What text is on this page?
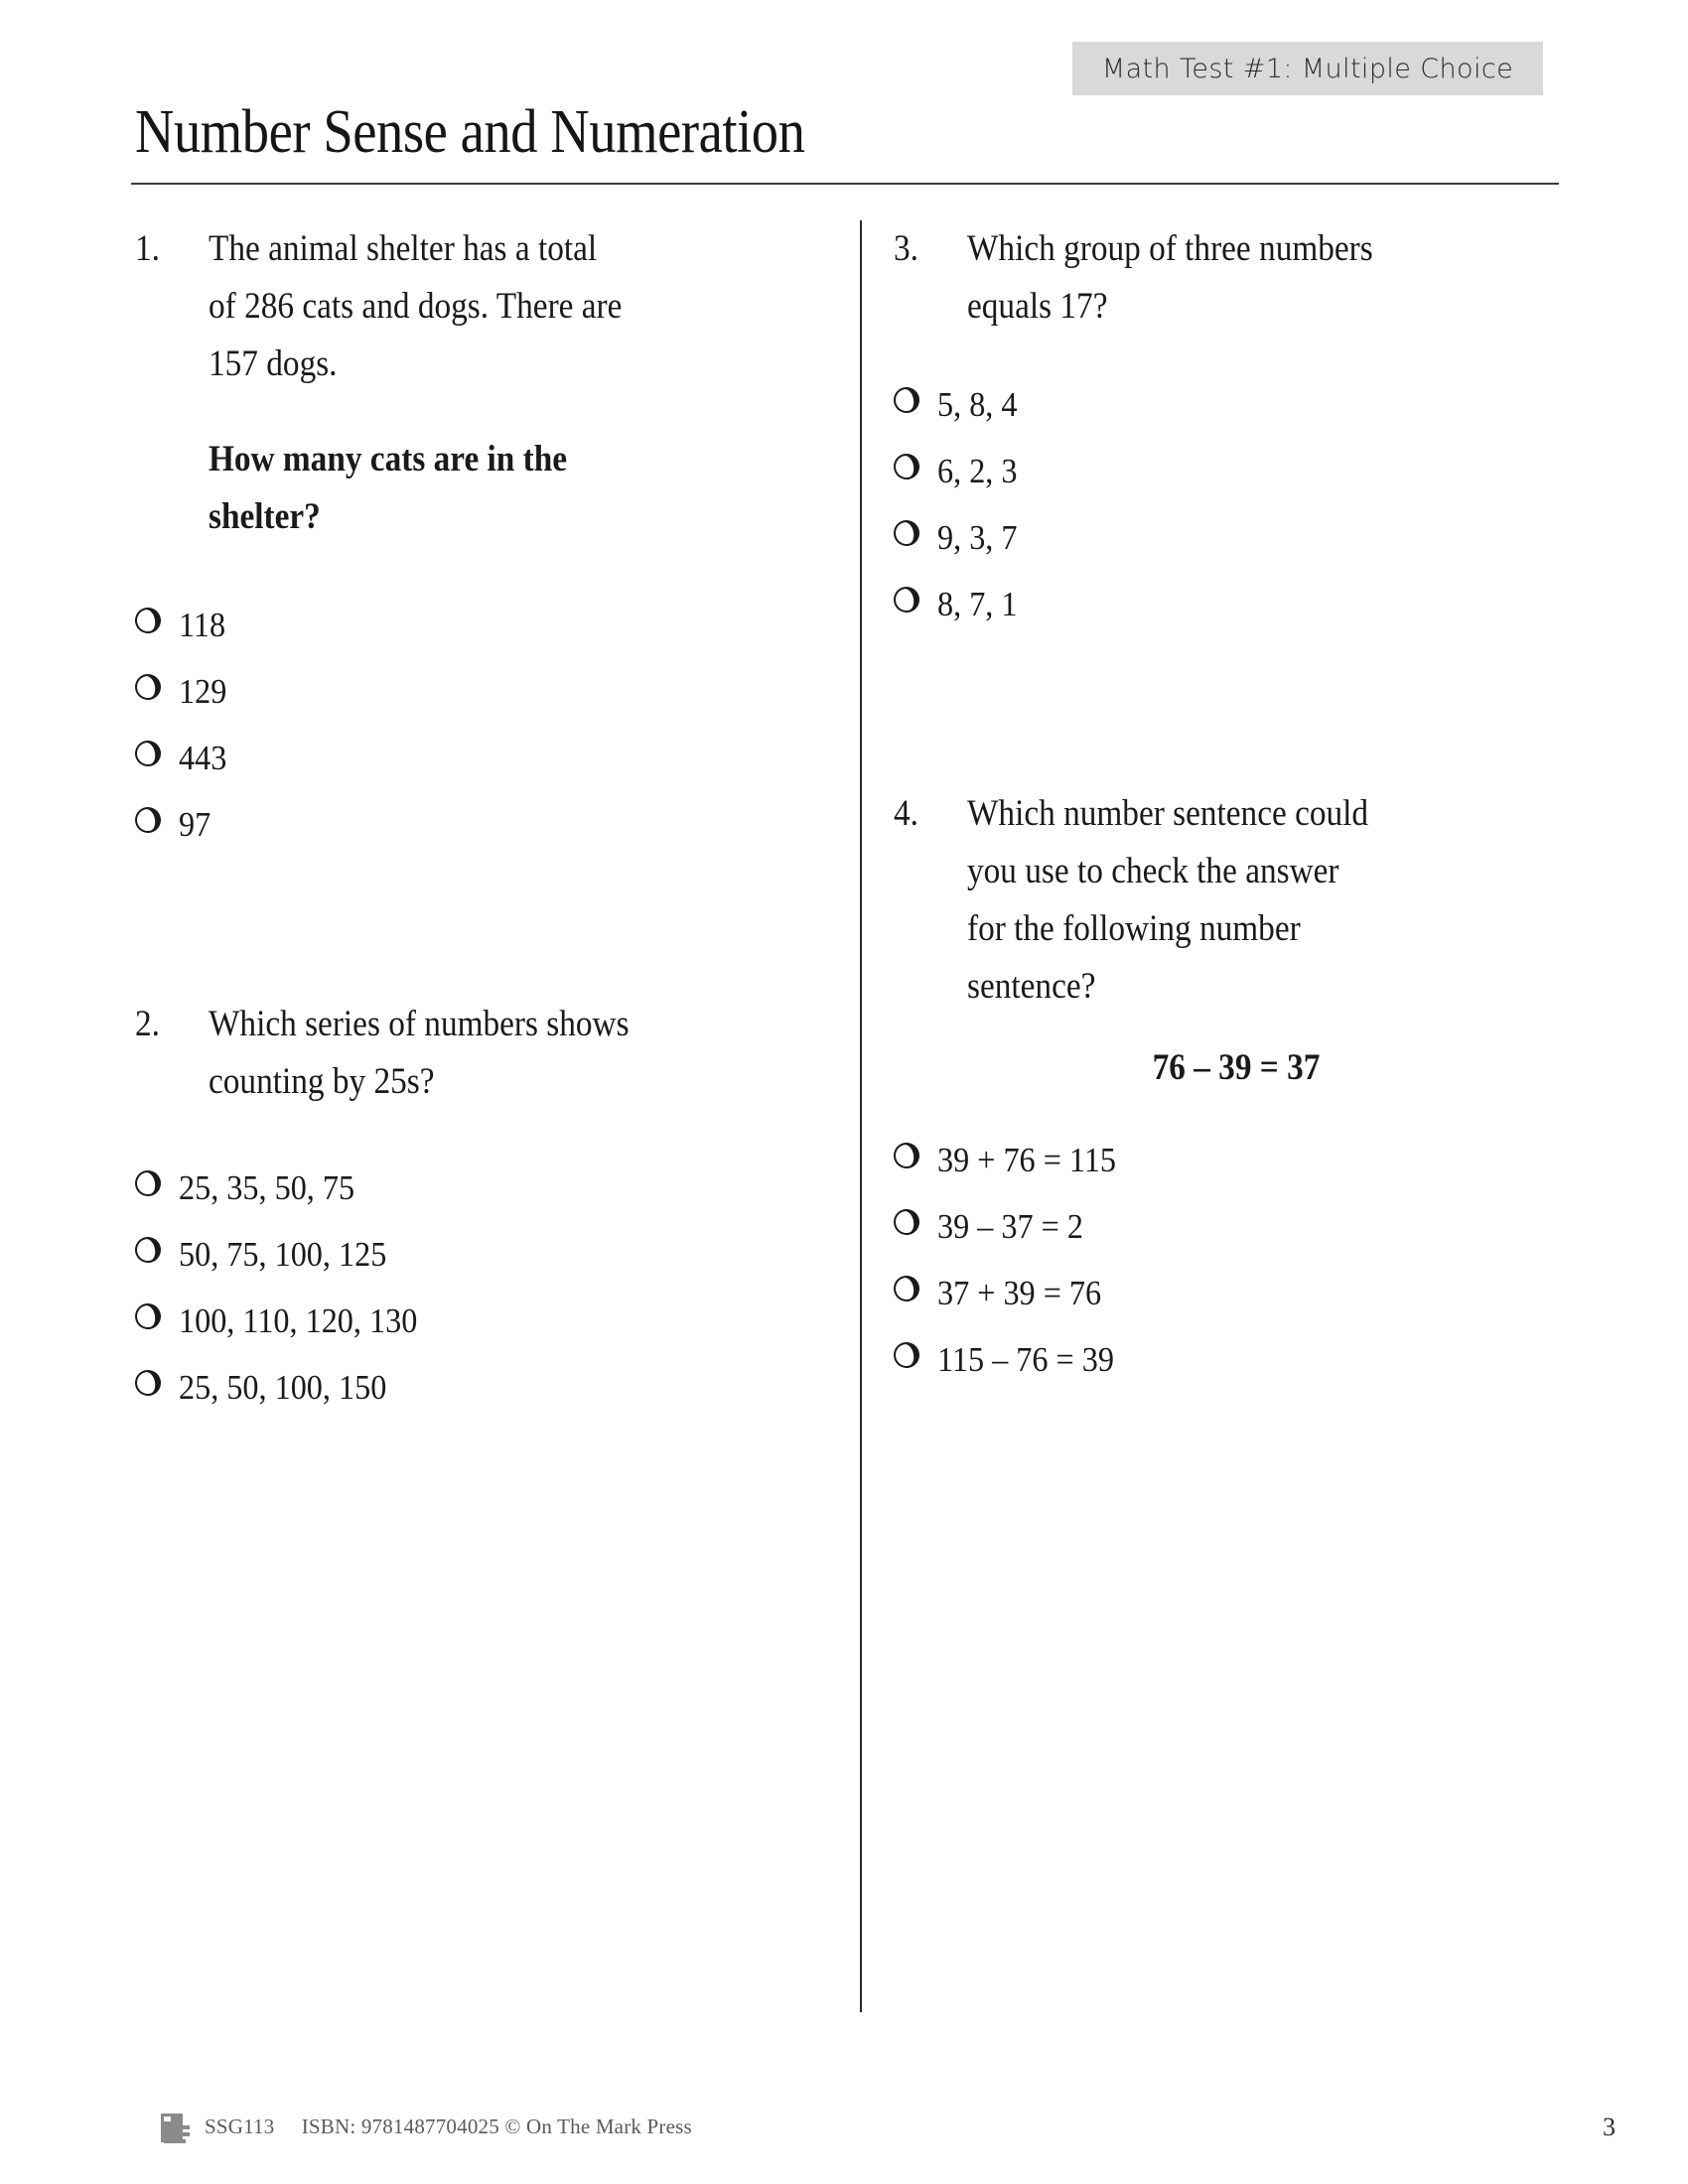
Math Test #1: Multiple Choice
Number Sense and Numeration
1.	The animal shelter has a total
of 286 cats and dogs. There are
157 dogs.
How many cats are in the
shelter?
118
129
443
97
2.	Which series of numbers shows
counting by 25s?
25, 35, 50, 75
50, 75, 100, 125
100, 110, 120, 130
25, 50, 100, 150
3.	Which group of three numbers
equals 17?
5, 8, 4
6, 2, 3
9, 3, 7
8, 7, 1
4.	Which number sentence could
you use to check the answer
for the following number
sentence?
76 – 39 = 37
39 + 76 = 115
39 – 37 = 2
37 + 39 = 76
115 – 76 = 39
SSG113     ISBN: 9781487704025 © On The Mark Press	3
